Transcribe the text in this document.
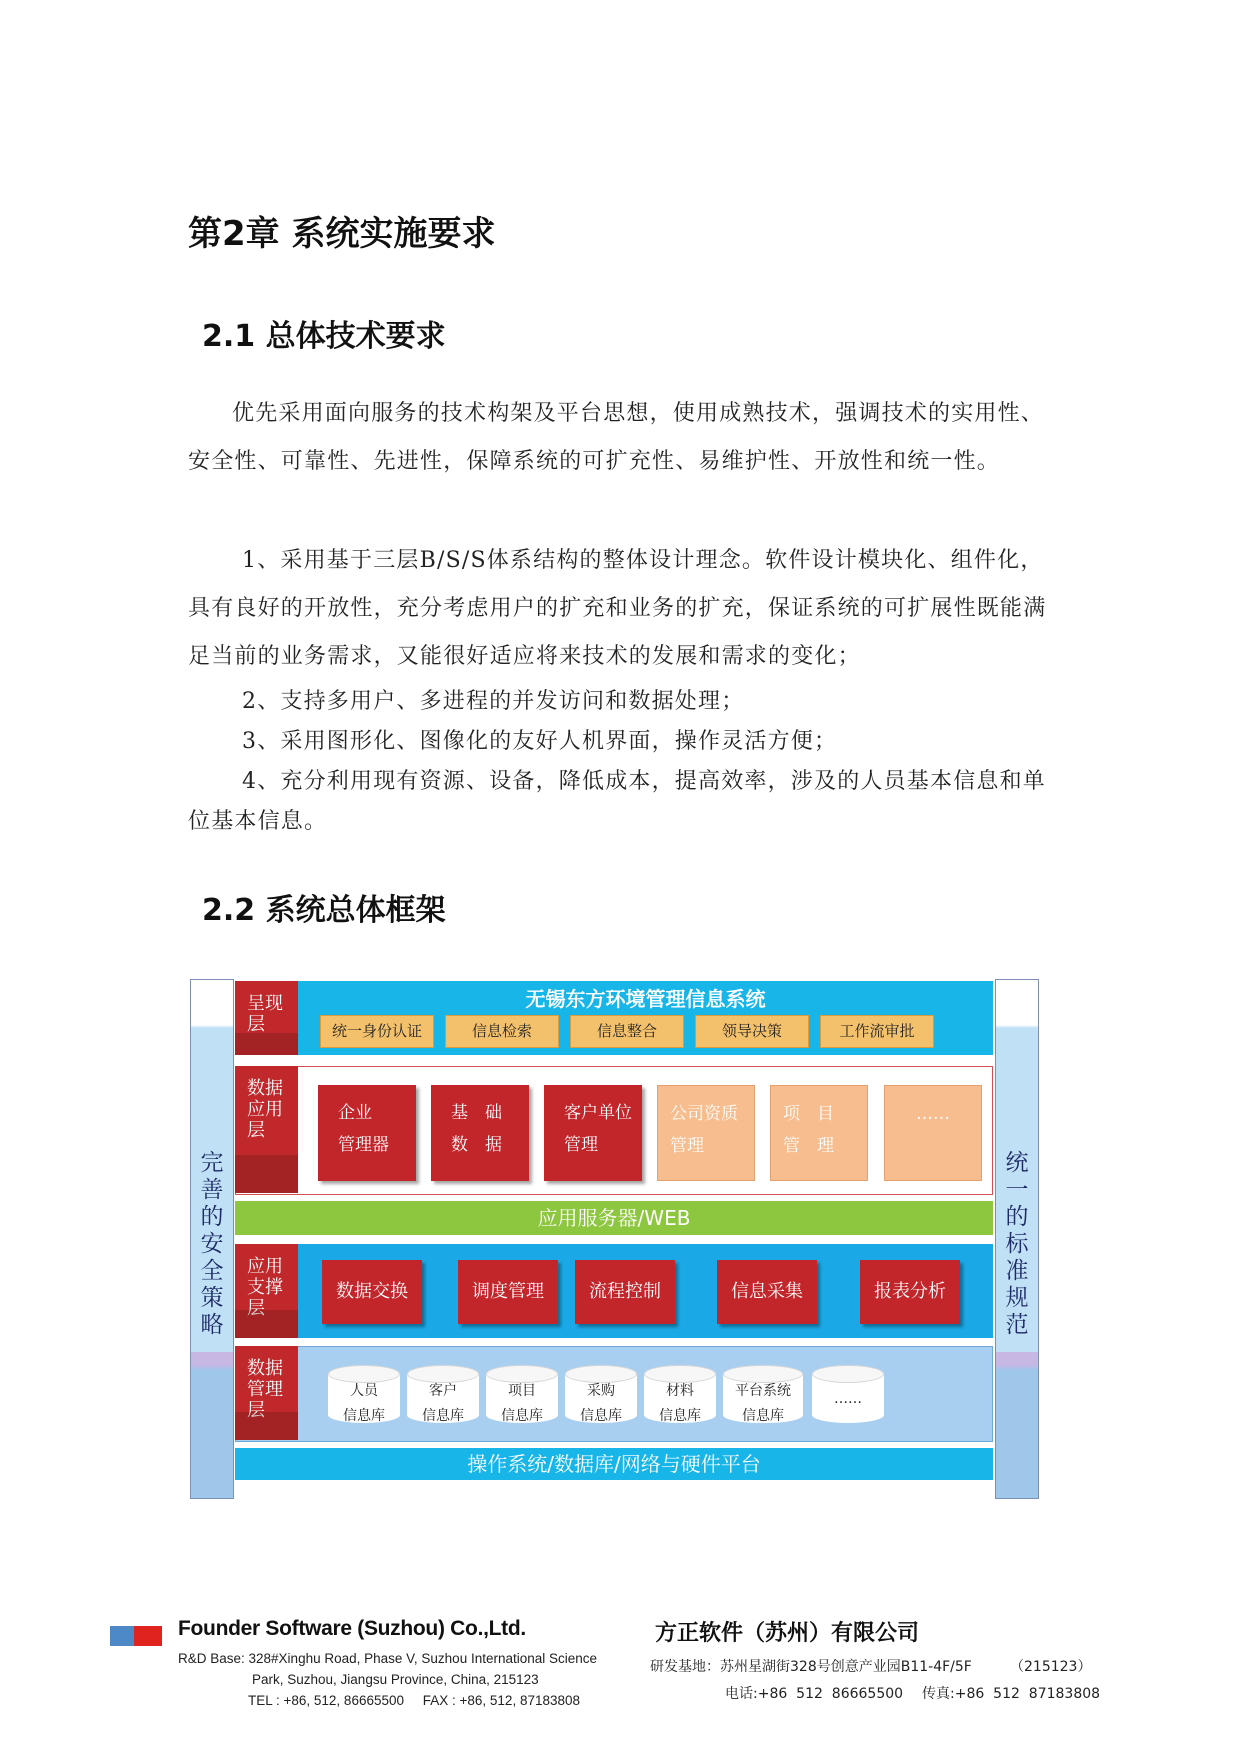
第2章 系统实施要求
2.1 总体技术要求

优先采用面向服务的技术构架及平台思想，使用成熟技术，强调技术的实用性、安全性、可靠性、先进性，保障系统的可扩充性、易维护性、开放性和统一性。

1、采用基于三层B/S/S体系结构的整体设计理念。软件设计模块化、组件化，具有良好的开放性，充分考虑用户的扩充和业务的扩充，保证系统的可扩展性既能满足当前的业务需求，又能很好适应将来技术的发展和需求的变化；

2、支持多用户、多进程的并发访问和数据处理；

3、采用图形化、图像化的友好人机界面，操作灵活方便；

4、充分利用现有资源、设备，降低成本，提高效率，涉及的人员基本信息和单位基本信息。

2.2 系统总体框架
完善的安全策略
统一的标准规范
呈现层
无锡东方环境管理信息系统
统一身份认证	信息检索	信息整合	领导决策	工作流审批
数据应用层
企业
管理器
基　础
数　据
客户单位
管理
公司资质
管理
项　目
管　理
……
应用服务器/WEB
应用支撑层
数据交换	调度管理	流程控制	信息采集	报表分析
数据管理层
人员
信息库
客户
信息库
项目
信息库
采购
信息库
材料
信息库
平台系统
信息库
……
操作系统/数据库/网络与硬件平台
Founder Software (Suzhou) Co.,Ltd.
R&D Base: 328#Xinghu Road, Phase V, Suzhou International Science
Park, Suzhou, Jiangsu Province, China, 215123
TEL : +86, 512, 86665500     FAX : +86, 512, 87183808
方正软件（苏州）有限公司
研发基地：苏州星湖街328号创意产业园B11-4F/5F	（215123）
电话:+86  512  86665500 传真:+86  512  87183808
